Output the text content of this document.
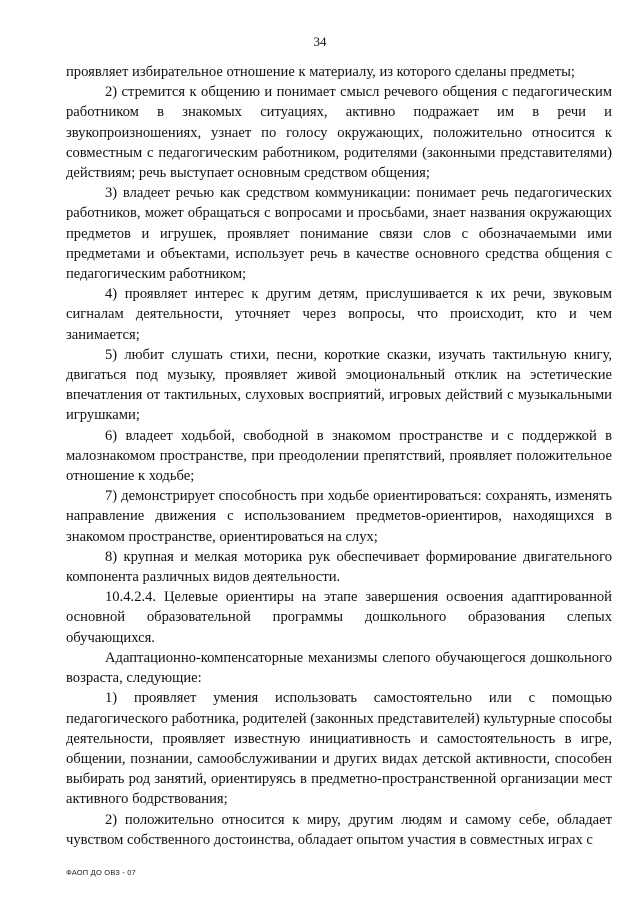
34

проявляет избирательное отношение к материалу, из которого сделаны предметы;

2) стремится к общению и понимает смысл речевого общения с педагогическим работником в знакомых ситуациях, активно подражает им в речи и звукопроизношениях, узнает по голосу окружающих, положительно относится к совместным с педагогическим работником, родителями (законными представителями) действиям; речь выступает основным средством общения;

3) владеет речью как средством коммуникации: понимает речь педагогических работников, может обращаться с вопросами и просьбами, знает названия окружающих предметов и игрушек, проявляет понимание связи слов с обозначаемыми ими предметами и объектами, использует речь в качестве основного средства общения с педагогическим работником;

4) проявляет интерес к другим детям, прислушивается к их речи, звуковым сигналам деятельности, уточняет через вопросы, что происходит, кто и чем занимается;

5) любит слушать стихи, песни, короткие сказки, изучать тактильную книгу, двигаться под музыку, проявляет живой эмоциональный отклик на эстетические впечатления от тактильных, слуховых восприятий, игровых действий с музыкальными игрушками;

6) владеет ходьбой, свободной в знакомом пространстве и с поддержкой в малознакомом пространстве, при преодолении препятствий, проявляет положительное отношение к ходьбе;

7) демонстрирует способность при ходьбе ориентироваться: сохранять, изменять направление движения с использованием предметов-ориентиров, находящихся в знакомом пространстве, ориентироваться на слух;

8) крупная и мелкая моторика рук обеспечивает формирование двигательного компонента различных видов деятельности.

10.4.2.4. Целевые ориентиры на этапе завершения освоения адаптированной основной образовательной программы дошкольного образования слепых обучающихся.

Адаптационно-компенсаторные механизмы слепого обучающегося дошкольного возраста, следующие:

1) проявляет умения использовать самостоятельно или с помощью педагогического работника, родителей (законных представителей) культурные способы деятельности, проявляет известную инициативность и самостоятельность в игре, общении, познании, самообслуживании и других видах детской активности, способен выбирать род занятий, ориентируясь в предметно-пространственной организации мест активного бодрствования;

2) положительно относится к миру, другим людям и самому себе, обладает чувством собственного достоинства, обладает опытом участия в совместных играх с

ФАОП ДО ОВЗ - 07
